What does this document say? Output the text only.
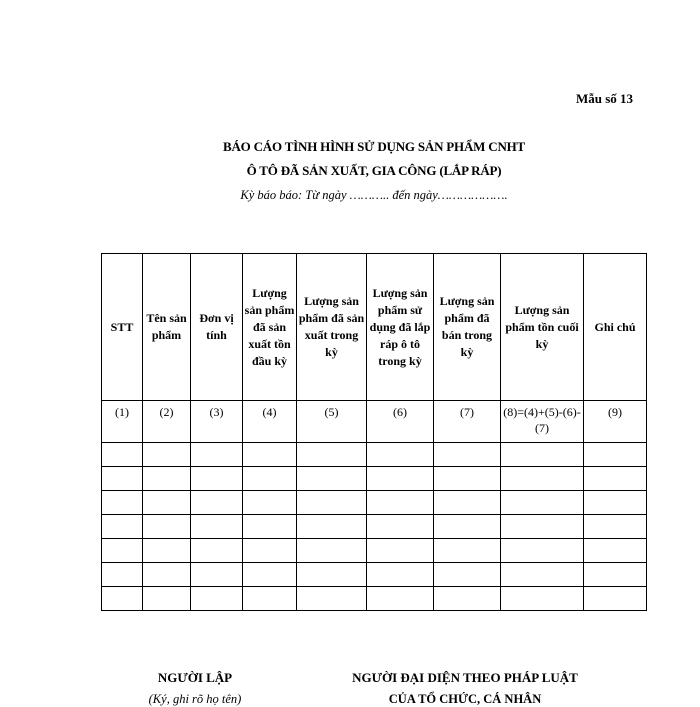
Mẫu số 13
BÁO CÁO TÌNH HÌNH SỬ DỤNG SẢN PHẨM CNHT
Ô TÔ ĐÃ SẢN XUẤT, GIA CÔNG (LẮP RÁP)
Kỳ báo báo: Từ ngày ……….. đến ngày……………….
STT	Tên sản phẩm	Đơn vị tính	Lượng sản phẩm đã sản xuất tồn đầu kỳ	Lượng sản phẩm đã sản xuất trong kỳ	Lượng sản phẩm sử dụng đã lắp ráp ô tô trong kỳ	Lượng sản phẩm đã bán trong kỳ	Lượng sản phẩm tồn cuối kỳ	Ghi chú
(1)	(2)	(3)	(4)	(5)	(6)	(7)	(8)=(4)+(5)-(6)-(7)	(9)

NGƯỜI LẬP	NGƯỜI ĐẠI DIỆN THEO PHÁP LUẬT
(Ký, ghi rõ họ tên)	CỦA TỔ CHỨC, CÁ NHÂN
